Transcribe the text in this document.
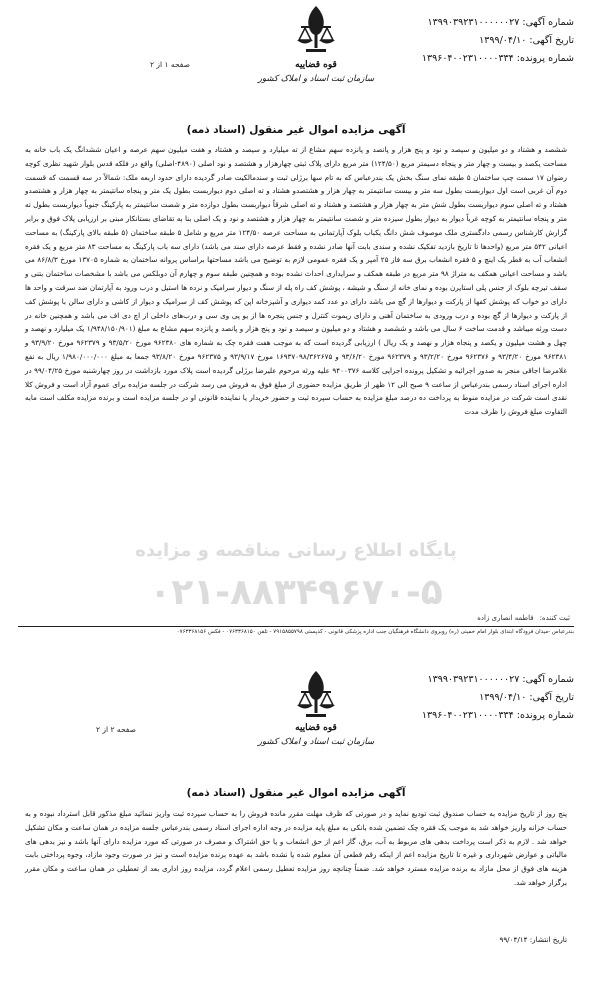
شماره آگهی: ۱۳۹۹۰۳۹۲۳۱۰۰۰۰۰۰۲۷
تاریخ آگهی: ۱۳۹۹/۰۴/۱۰
شماره پرونده: ۱۳۹۶۰۴۰۰۲۳۱۰۰۰۰۳۳۴
قوه قضاییه
سازمان ثبت اسناد و املاک کشور
صفحه ۱ از ۲
آگهی مزایده اموال غیر منقول (اسناد ذمه)
ششصد و هشتاد و دو میلیون و سیصد و نود و پنج هزار و پانصد و پانزده سهم مشاع از ته میلیارد و سیصد و هشتاد و هفت میلیون سهم عرصه و اعیان ششدانگ یک باب خانه به مساحت یکصد و بیست و چهار متر و پنجاه دسیمتر مربع (۱۲۴/۵۰) متر مربع دارای پلاک ثبتی چهارهزار و هشتصد و نود اصلی (۴۸۹۰-اصلی) واقع در فلکه قدس بلوار شهید نظری کوچه رضوان ۱۷ سمت چپ ساختمان ۵ طبقه نمای سنگ بخش یک بندرعباس که به تام سها برژلی ثبت و سندمالکیت صادر گردیده دارای حدود اربعه ملک: شمالاً در سه قسمت که قسمت دوم آن غربی است اول دیواربست بطول سه متر و بیست سانتیمتر به چهار هزار و هشتصدو هشتاد و ته اصلی دوم دیواربست بطول یک متر و پنجاه سانتیمتر به چهار هزار و هشتصدو هشتاد و ته اصلی سوم دیواربست بطول شش متر به چهار هزار و هشتصد و هشتاد و ته اصلی شرقاً دیواربست بطول دوازده متر و شصت سانتیمتر به پارکینگ جنوباً دیواربست بطول ته متر و پنجاه سانتیمتر به کوچه غرباً دیوار به دیوار بطول سیزده متر و شصت سانتیمتر به چهار هزار و هشتصد و نود و یک اصلی بنا به تقاضای بستانکار مبنی بر ارزیابی پلاک فوق و برابر گزارش کارشناس رسمی دادگستری ملک موصوف شش دانگ یکباب بلوک آپارتمانی به مساحت عرصه ۱۲۴/۵۰ متر مربع و شامل ۵ طبقه ساختمان (۵ طبقه بالای پارکینگ) به مساحت اعیانی ۵۴۲ متر مربع (واحدها تا تاریخ بازدید تفکیک نشده و سندی بابت آنها صادر نشده و فقط عرصه دارای سند می باشد) دارای سه باب پارکینگ به مساحت ۸۳ متر مربع و یک فقره انشعاب آب به قطر یک اینچ و ۵ فقره انشعاب برق سه فاز ۲۵ آمپر و یک فقره عمومی لازم به توضیح می باشد مساحتها براساس پروانه ساختمان به شماره ۱۳۷۰۵ مورخ ۸۶/۸/۳ می باشد و مساحت اعیانی همکف به متراژ ۹۸ متر مربع در طبقه همکف و سرایداری احداث نشده بوده و همچنین طبقه سوم و چهارم آن دوبلکس می باشد با مشخصات ساختمان بتنی و سقف تیرچه بلوک از جنس پلی استایرن بوده و نمای خانه از سنگ و شیشه ، پوشش کف راه پله از سنگ و دیوار سرامیک و نرده ها استیل و درب ورود به آپارتمان ضد سرقت و واحد ها دارای دو خواب که پوشش کفها از پارکت و دیوارها از گچ می باشد دارای دو عدد کمد دیواری و آشپزخانه اپن که پوشش کف از سرامیک و دیوار از کاشی و دارای سالن با پوشش کف از پارکت و دیوارها از گچ بوده و درب ورودی به ساختمان آهنی و دارای ریموت کنترل و جنس پنجره ها از یو پی وی سی و درب‌های داخلی از اچ دی اف می باشد و همچنین خانه در دست ورثه میباشد و قدمت ساخت ۶ سال می باشد و ششصد و هشتاد و دو میلیون و سیصد و نود و پنج هزار و پانصد و پانزده سهم مشاع به مبلغ (۱/۹۴۸/۱۵۰/۹۰۱ یک میلیارد و نهصد و چهل و هشت میلیون و یکصد و پنجاه هزار و نهصد و یک ریال ) ارزیابی گردیده است که به موجب هفت فقره چک به شماره های ۹۶۲۳۸۰ مورخ ۹۳/۵/۲۰ و ۹۶۲۳۷۹ مورخ ۹۳/۹/۲۰ و ۹۶۲۳۸۱ مورخ ۹۳/۴/۲۰ و ۹۶۲۳۷۶ مورخ ۹۳/۲/۲۰ و ۹۶۲۳۷۹ مورخ ۹۳/۶/۲۰ و ۱۶۹۳۷۰۹۸/۳۶۲۶۷۵ مورخ ۹۳/۹/۱۷ و ۹۶۲۳۷۵ مورخ ۹۳/۸/۲۰ جمعا به مبلغ ۱/۹۸۰/۰۰۰/۰۰۰ ریال به نفع غلامرضا اجاقی منجر به صدور اجرائیه و تشکیل پرونده اجرایی کلاسه ۹۴۰۰۳۷۶ علیه ورثه مرحوم علیرضا برژلی گردیده است پلاک مورد بازداشت در روز چهارشنبه مورخ ۹۹/۰۴/۲۵ در اداره اجرای اسناد رسمی بندرعباس از ساعت ۹ صبح الی ۱۲ ظهر از طریق مزایده حضوری از مبلغ فوق به فروش می رسد شرکت در جلسه مزایده برای عموم آزاد است و فروش کلا نقدی است شرکت در مزایده منوط به پرداخت ده درصد مبلغ مزایده به حساب سپرده ثبت و حضور خریدار یا نماینده قانونی او در جلسه مزایده است و برنده مزایده مکلف است مابه التفاوت مبلغ فروش را ظرف مدت
پایگاه اطلاع رسانی مناقصه و مزایده
۰۲۱-۸۸۳۴۹۶۷۰-۵
ثبت کننده:
فاطمه انصاری زاده
بندرعباس -میدان فرودگاه ابتدای بلوار امام خمینی (ره) روبروی دانشگاه فرهنگیان جنب اداره پزشکی قانونی - کدپستی ۷۹۱۵۸۵۵۷۹۸ - تلفن ۰۷۶۳۳۶۸۱۵۰ - فکس ۰۷۶۳۳۶۸۱۵۶
شماره آگهی: ۱۳۹۹۰۳۹۲۳۱۰۰۰۰۰۰۲۷
تاریخ آگهی: ۱۳۹۹/۰۴/۱۰
شماره پرونده: ۱۳۹۶۰۴۰۰۲۳۱۰۰۰۰۳۳۴
قوه قضاییه
سازمان ثبت اسناد و املاک کشور
صفحه ۲ از ۲
آگهی مزایده اموال غیر منقول (اسناد ذمه)
پنج روز از تاریخ مزایده به حساب صندوق ثبت تودیع نماید و در صورتی که ظرف مهلت مقرر مانده فروش را به حساب سپرده ثبت واریز ننمائید مبلغ مذکور قابل استرداد نبوده و به حساب خزانه واریز خواهد شد به موجب یک فقره چک تضمین شده بانکی به مبلغ پایه مزایده در وجه اداره اجرای اسناد رسمی بندرعباس جلسه مزایده در همان ساعت و مکان تشکیل خواهد شد . لازم به ذکر است پرداخت بدهی های مربوط به آب، برق، گاز اعم از حق انشعاب و یا حق اشتراک و مصرف در صورتی که مورد مزایده دارای آنها باشد و نیز بدهی های مالیاتی و عوارض شهرداری و غیره تا تاریخ مزایده اعم از اینکه رقم قطعی آن معلوم شده یا نشده باشد به عهده برنده مزایده است و نیز در صورت وجود مازاد، وجوه پرداختی بابت هزینه های فوق از محل مازاد به برنده مزایده مسترد خواهد شد. ضمناً چنانچه روز مزایده تعطیل رسمی اعلام گردد، مزایده روز اداری بعد از تعطیلی در همان ساعت و مکان مقرر برگزار خواهد شد.
تاریخ انتشار: ۹۹/۰۴/۱۴
